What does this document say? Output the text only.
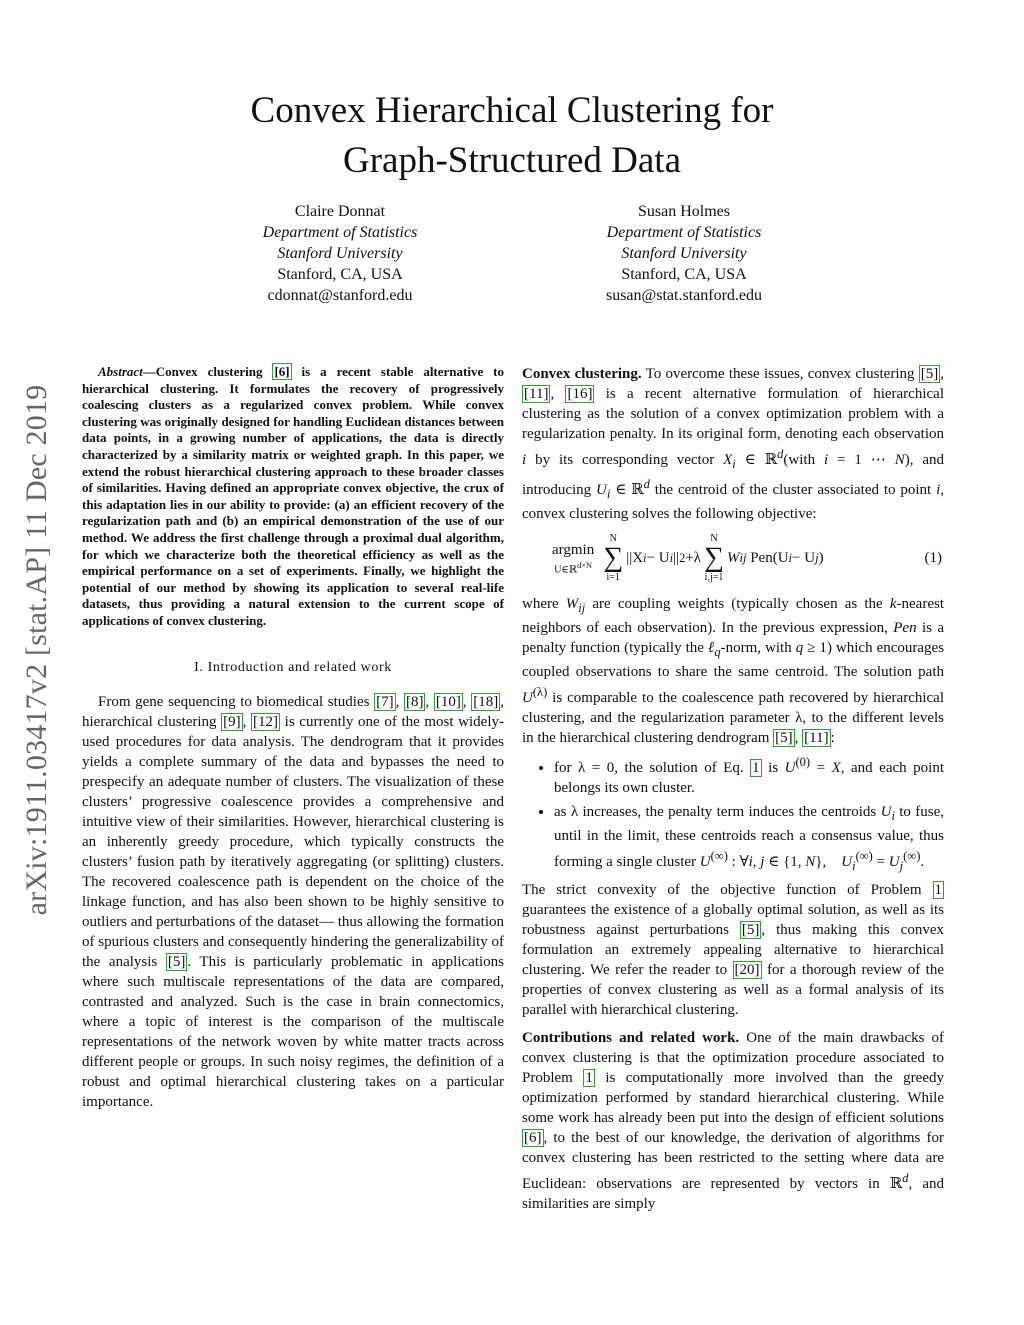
arXiv:1911.03417v2 [stat.AP] 11 Dec 2019
Convex Hierarchical Clustering for
Graph-Structured Data
Claire Donnat
Department of Statistics
Stanford University
Stanford, CA, USA
cdonnat@stanford.edu
Susan Holmes
Department of Statistics
Stanford University
Stanford, CA, USA
susan@stat.stanford.edu

Abstract—Convex clustering [6] is a recent stable alternative to hierarchical clustering. It formulates the recovery of progressively coalescing clusters as a regularized convex problem. While convex clustering was originally designed for handling Euclidean distances between data points, in a growing number of applications, the data is directly characterized by a similarity matrix or weighted graph. In this paper, we extend the robust hierarchical clustering approach to these broader classes of similarities. Having defined an appropriate convex objective, the crux of this adaptation lies in our ability to provide: (a) an efficient recovery of the regularization path and (b) an empirical demonstration of the use of our method. We address the first challenge through a proximal dual algorithm, for which we characterize both the theoretical efficiency as well as the empirical performance on a set of experiments. Finally, we highlight the potential of our method by showing its application to several real-life datasets, thus providing a natural extension to the current scope of applications of convex clustering.

I. Introduction and related work

From gene sequencing to biomedical studies [7] , [8] , [10] , [18] , hierarchical clustering [9] , [12] is currently one of the most widely-used procedures for data analysis. The dendrogram that it provides yields a complete summary of the data and bypasses the need to prespecify an adequate number of clusters. The visualization of these clusters’ progressive coalescence provides a comprehensive and intuitive view of their similarities. However, hierarchical clustering is an inherently greedy procedure, which typically constructs the clusters’ fusion path by iteratively aggregating (or splitting) clusters. The recovered coalescence path is dependent on the choice of the linkage function, and has also been shown to be highly sensitive to outliers and perturbations of the dataset— thus allowing the formation of spurious clusters and consequently hindering the generalizability of the analysis [5] . This is particularly problematic in applications where such multiscale representations of the data are compared, contrasted and analyzed. Such is the case in brain connectomics, where a topic of interest is the comparison of the multiscale representations of the network woven by white matter tracts across different people or groups. In such noisy regimes, the definition of a robust and optimal hierarchical clustering takes on a particular importance.

Convex clustering. To overcome these issues, convex clustering [5] , [11] , [16] is a recent alternative formulation of hierarchical clustering as the solution of a convex optimization problem with a regularization penalty. In its original form, denoting each observation i by its corresponding vector $X_i$ ∈ ℝ$^d$(with i = 1 ⋯ N), and introducing $U_i$ ∈ ℝ$^d$ the centroid of the cluster associated to point i, convex clustering solves the following objective:

argmin
U∈ℝ$^{d\times N}$
N
∑
i=1
||X i − U i || 2 +λ
N
∑
i,j=1
W ij
Pen(U i − U j )	(1)

where $W_{ij}$ are coupling weights (typically chosen as the k-nearest neighbors of each observation). In the previous expression, Pen is a penalty function (typically the ℓ$_q$-norm, with q ≥ 1) which encourages coupled observations to share the same centroid. The solution path $U^{(\lambda)}$ is comparable to the coalescence path recovered by hierarchical clustering, and the regularization parameter λ, to the different levels in the hierarchical clustering dendrogram [5] , [11] :

• for λ = 0, the solution of Eq. 1 is $U^{(0)} = X$, and each point belongs its own cluster.
• as λ increases, the penalty term induces the centroids $U_i$ to fuse, until in the limit, these centroids reach a consensus value, thus forming a single cluster U(∞) : ∀i, j ∈ {1, N},    $U_i^{(\infty)} = U_j^{(\infty)}$.

The strict convexity of the objective function of Problem 1 guarantees the existence of a globally optimal solution, as well as its robustness against perturbations [5] , thus making this convex formulation an extremely appealing alternative to hierarchical clustering. We refer the reader to [20] for a thorough review of the properties of convex clustering as well as a formal analysis of its parallel with hierarchical clustering.

Contributions and related work. One of the main drawbacks of convex clustering is that the optimization procedure associated to Problem 1 is computationally more involved than the greedy optimization performed by standard hierarchical clustering. While some work has already been put into the design of efficient solutions [6] , to the best of our knowledge, the derivation of algorithms for convex clustering has been restricted to the setting where data are Euclidean: observations are represented by vectors in ℝ$^d$, and similarities are simply
